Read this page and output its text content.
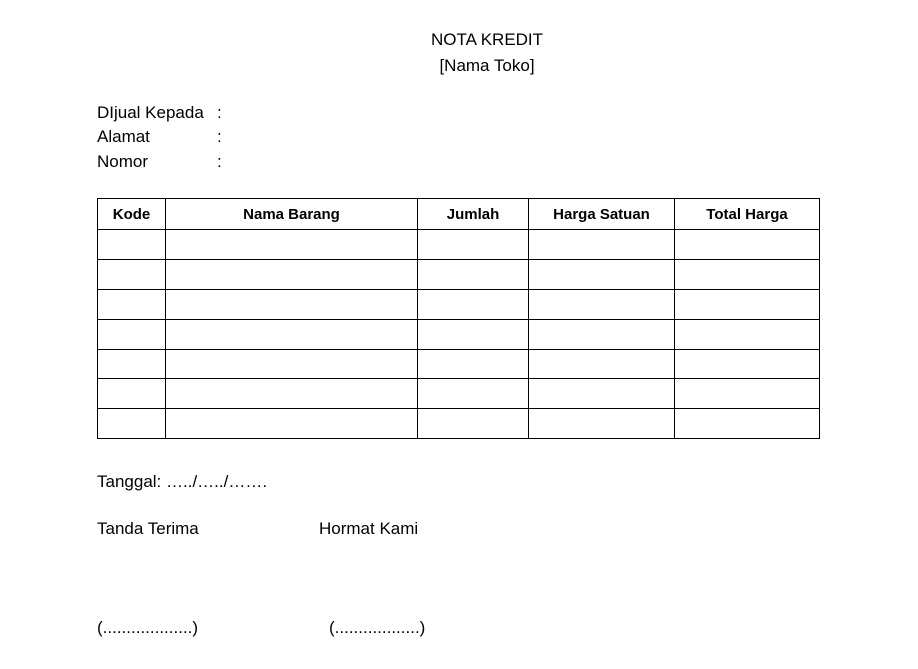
NOTA KREDIT
[Nama Toko]
DIjual Kepada :
Alamat	:
Nomor	:
Kode	Nama Barang	Jumlah	Harga Satuan	Total Harga

Tanggal: …../…../…….
Tanda Terima	Hormat Kami
(...................)	(..................)
